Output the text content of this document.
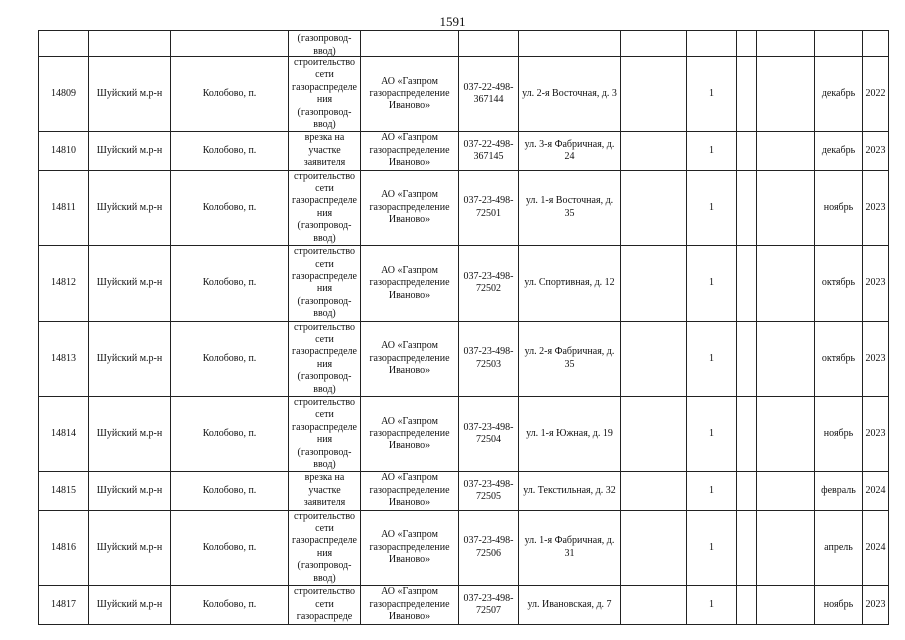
1591

			(газопровод-ввод)									

14809	Шуйский м.р-н	Колобово, п.	строительство сети газораспределения (газопровод-ввод)	АО «Газпром газораспределение Иваново»	037-22-498-367144	ул. 2-я Восточная, д. 3		1			декабрь	2022
14810	Шуйский м.р-н	Колобово, п.	врезка на участке заявителя	АО «Газпром газораспределение Иваново»	037-22-498-367145	ул. 3-я Фабричная, д. 24		1			декабрь	2023
14811	Шуйский м.р-н	Колобово, п.	строительство сети газораспределения (газопровод-ввод)	АО «Газпром газораспределение Иваново»	037-23-498-72501	ул. 1-я Восточная, д. 35		1			ноябрь	2023
14812	Шуйский м.р-н	Колобово, п.	строительство сети газораспределения (газопровод-ввод)	АО «Газпром газораспределение Иваново»	037-23-498-72502	ул. Спортивная, д. 12		1			октябрь	2023
14813	Шуйский м.р-н	Колобово, п.	строительство сети газораспределения (газопровод-ввод)	АО «Газпром газораспределение Иваново»	037-23-498-72503	ул. 2-я Фабричная, д. 35		1			октябрь	2023
14814	Шуйский м.р-н	Колобово, п.	строительство сети газораспределения (газопровод-ввод)	АО «Газпром газораспределение Иваново»	037-23-498-72504	ул. 1-я Южная, д. 19		1			ноябрь	2023
14815	Шуйский м.р-н	Колобово, п.	врезка на участке заявителя	АО «Газпром газораспределение Иваново»	037-23-498-72505	ул. Текстильная, д. 32		1			февраль	2024
14816	Шуйский м.р-н	Колобово, п.	строительство сети газораспределения (газопровод-ввод)	АО «Газпром газораспределение Иваново»	037-23-498-72506	ул. 1-я Фабричная, д. 31		1			апрель	2024
14817	Шуйский м.р-н	Колобово, п.	строительство сети газораспреде	АО «Газпром газораспределение Иваново»	037-23-498-72507	ул. Ивановская, д. 7		1			ноябрь	2023
